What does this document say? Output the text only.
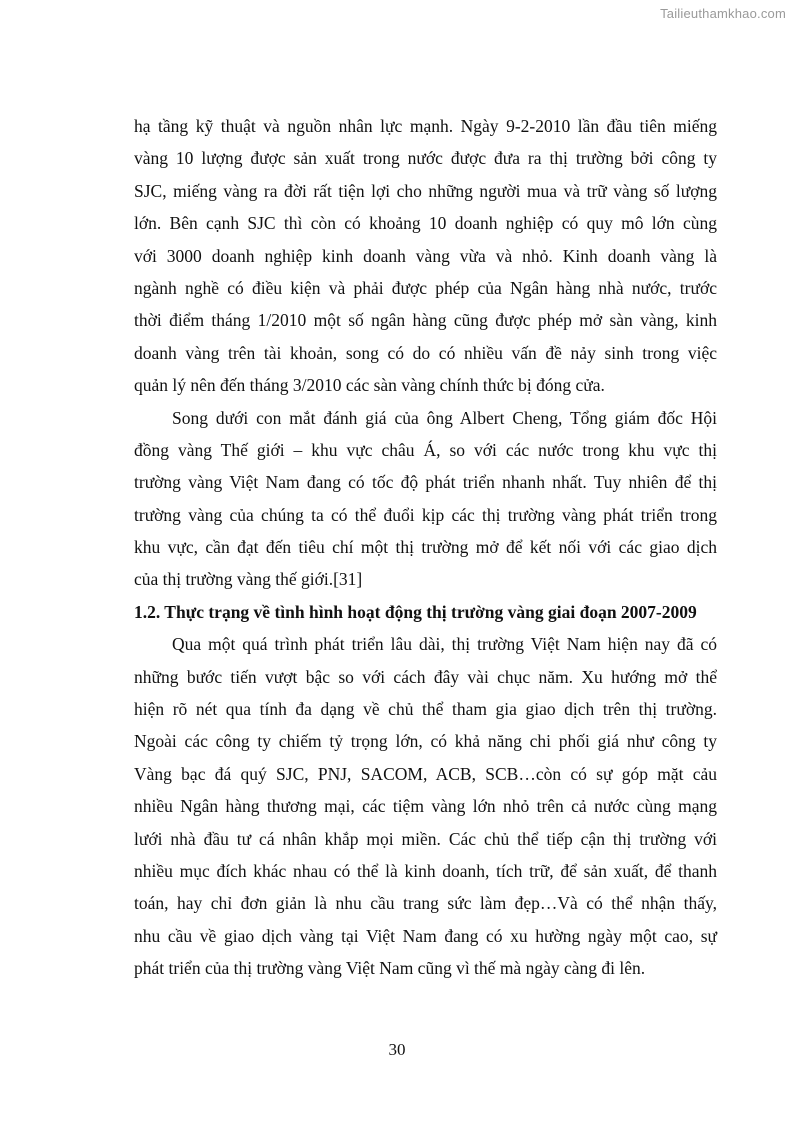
Tailieuthamkhao.com
hạ tầng kỹ thuật và nguồn nhân lực mạnh. Ngày 9-2-2010 lần đầu tiên miếng
vàng 10 lượng được sản xuất trong nước được đưa ra thị trường bởi công ty
SJC, miếng vàng ra đời rất tiện lợi cho những người mua và trữ vàng số lượng
lớn. Bên cạnh SJC thì còn có khoảng 10 doanh nghiệp có quy mô lớn cùng
với 3000 doanh nghiệp kinh doanh vàng vừa và nhỏ. Kinh doanh vàng là
ngành nghề có điều kiện và phải được phép của Ngân hàng nhà nước, trước
thời điểm tháng 1/2010 một số ngân hàng cũng được phép mở sàn vàng, kinh
doanh vàng trên tài khoản, song có do có nhiều vấn đề nảy sinh trong việc
quản lý nên đến tháng 3/2010 các sàn vàng chính thức bị đóng cửa.
Song dưới con mắt đánh giá của ông Albert Cheng, Tổng giám đốc Hội
đồng vàng Thế giới – khu vực châu Á, so với các nước trong khu vực thị
trường vàng Việt Nam đang có tốc độ phát triển nhanh nhất. Tuy nhiên để thị
trường vàng của chúng ta có thể đuổi kịp các thị trường vàng phát triển trong
khu vực, cần đạt đến tiêu chí một thị trường mở để kết nối với các giao dịch
của thị trường vàng thế giới.[31]
1.2. Thực trạng về tình hình hoạt động thị trường vàng giai đoạn 2007-2009
Qua một quá trình phát triển lâu dài, thị trường Việt Nam hiện nay đã có
những bước tiến vượt bậc so với cách đây vài chục năm. Xu hướng mở thể
hiện rõ nét qua tính đa dạng về chủ thể tham gia giao dịch trên thị trường.
Ngoài các công ty chiếm tỷ trọng lớn, có khả năng chi phối giá như công ty
Vàng bạc đá quý SJC, PNJ, SACOM, ACB, SCB…còn có sự góp mặt cảu
nhiều Ngân hàng thương mại, các tiệm vàng lớn nhỏ trên cả nước cùng mạng
lưới nhà đầu tư cá nhân khắp mọi miền. Các chủ thể tiếp cận thị trường với
nhiều mục đích khác nhau có thể là kinh doanh, tích trữ, để sản xuất, để thanh
toán, hay chỉ đơn giản là nhu cầu trang sức làm đẹp…Và có thể nhận thấy,
nhu cầu về giao dịch vàng tại Việt Nam đang có xu hường ngày một cao, sự
phát triển của thị trường vàng Việt Nam cũng vì thế mà ngày càng đi lên.
30
